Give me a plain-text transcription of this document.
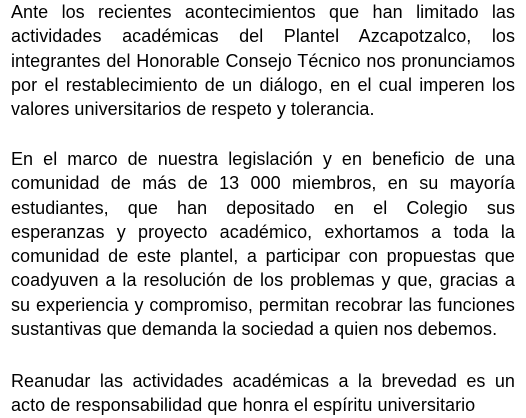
Ante los recientes acontecimientos que han limitado las actividades académicas del Plantel Azcapotzalco, los integrantes del Honorable Consejo Técnico nos pronunciamos por el restablecimiento de un diálogo, en el cual imperen los valores universitarios de respeto y tolerancia.

En el marco de nuestra legislación y en beneficio de una comunidad de más de 13 000 miembros, en su mayoría estudiantes, que han depositado en el Colegio sus esperanzas y proyecto académico, exhortamos a toda la comunidad de este plantel, a participar con propuestas que coadyuven a la resolución de los problemas y que, gracias a su experiencia y compromiso, permitan recobrar las funciones sustantivas que demanda la sociedad a quien nos debemos.

Reanudar las actividades académicas a la brevedad es un acto de responsabilidad que honra el espíritu universitario
